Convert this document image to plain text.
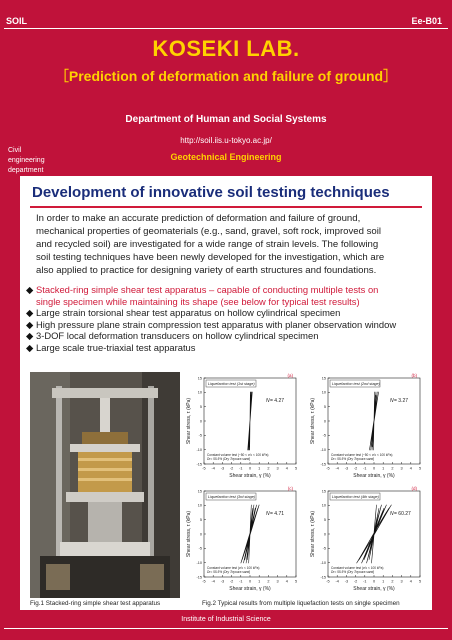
SOIL	Ee-B01
KOSEKI LAB.
［Prediction of deformation and failure of ground］
Department of Human and Social Systems
http://soil.iis.u-tokyo.ac.jp/
Civil
engineering
department
Geotechnical Engineering
Development of innovative soil testing techniques
In order to make an accurate prediction of deformation and failure of ground,
mechanical properties of geomaterials (e.g., sand, gravel, soft rock, improved soil
and recycled soil) are investigated for a wide range of strain levels. The following
soil testing techniques have been newly developed for the investigation, which are
also applied to practice for designing variety of earth structures and foundations.
◆ Stacked-ring simple shear test apparatus – capable of conducting multiple tests on
single specimen while maintaining its shape (see below for typical test results)
◆ Large strain torsional shear test apparatus on hollow cylindrical specimen
◆ High pressure plane strain compression test apparatus with planer observation window
◆ 3-DOF local deformation transducers on hollow cylindrical specimen
◆ Large scale true-triaxial test apparatus
-5 -4 -3 -2 -1 0 1 2 3 4 5
15
10
5
0
-5
-10
-15
Shear strain, γ (%)
Shear stress, τ (kPa)
Liquefaction test (1st stage)
(a)
N = 4.27
Constant volume test (~50 < σ'c < 100 kPa)
Dr= 55.5% (Dry Toyoura sand)
-5 -4 -3 -2 -1 0 1 2 3 4 5
15
10
5
0
-5
-10
-15
Shear strain, γ (%)
Shear stress, τ (kPa)
Liquefaction test (2nd stage)
(b)
N = 3.27
Constant volume test (~50 < σ'c < 100 kPa)
Dr= 55.5% (Dry Toyoura sand)
-5 -4 -3 -2 -1 0 1 2 3 4 5
15
10
5
0
-5
-10
-15
Shear strain, γ (%)
Shear stress, τ (kPa)
Liquefaction test (3rd stage)
(c)
N = 4.71
Constant volume test (σ'c < 100 kPa)
Dr= 55.5% (Dry Toyoura sand)
-5 -4 -3 -2 -1 0 1 2 3 4 5
15
10
5
0
-5
-10
-15
Shear strain, γ (%)
Shear stress, τ (kPa)
Liquefaction test (4th stage)
(d)
N = 60.27
Constant volume test (σ'c < 100 kPa)
Dr= 55.5% (Dry Toyoura sand)
Fig.1 Stacked-ring simple shear test apparatus	Fig.2 Typical results from multiple liquefaction tests on single specimen
Institute of Industrial Science
